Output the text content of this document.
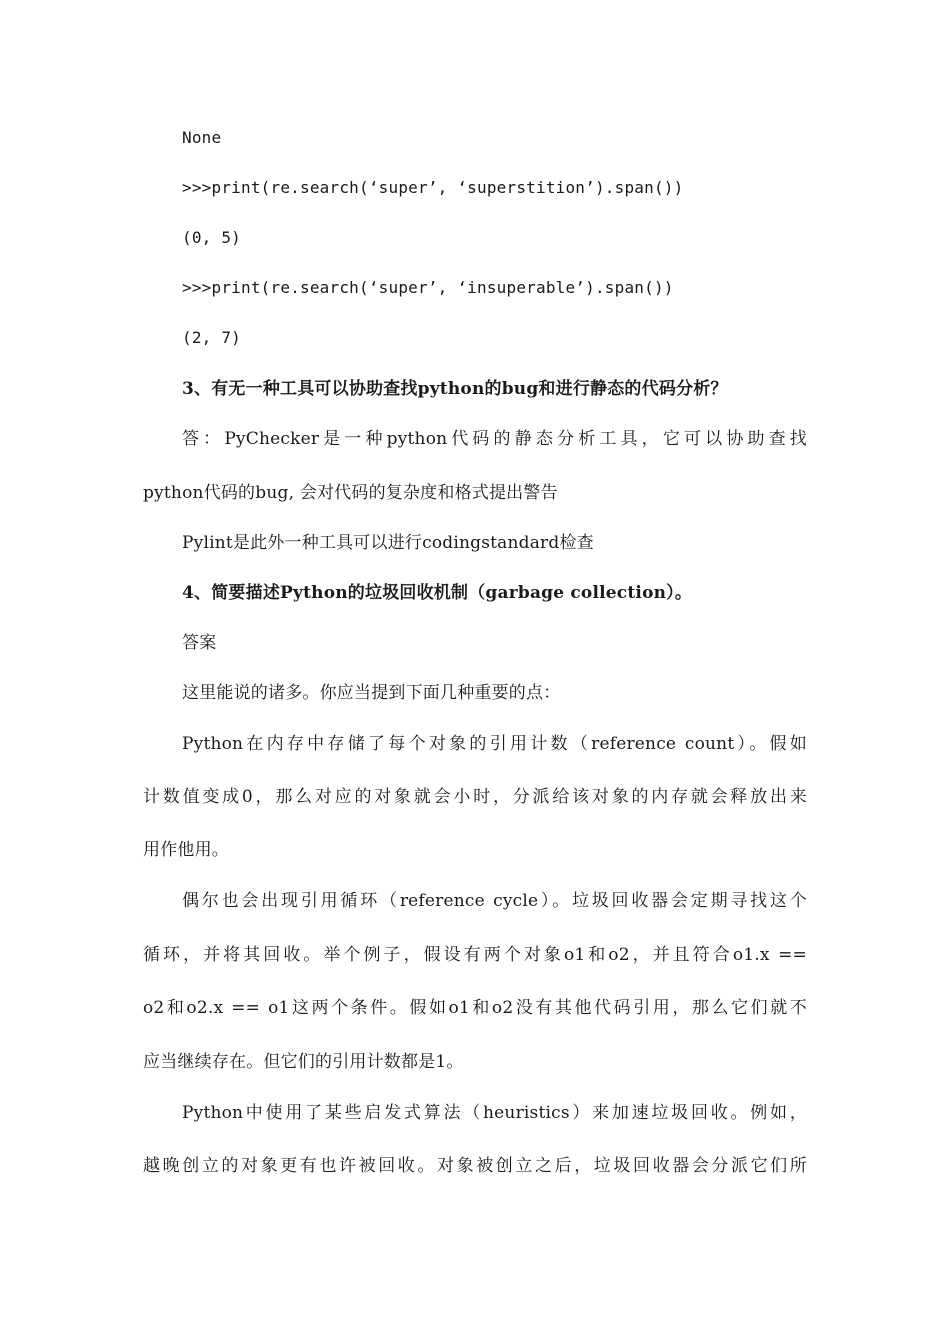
None
>>>print(re.search(‘super’, ‘superstition’).span())
(0, 5)
>>>print(re.search(‘super’, ‘insuperable’).span())
(2, 7)
3、有无一种工具可以协助查找python的bug和进行静态的代码分析？
答：PyChecker是一种python代码的静态分析工具，它可以协助查找
python代码的bug, 会对代码的复杂度和格式提出警告
Pylint是此外一种工具可以进行codingstandard检查
4、简要描述Python的垃圾回收机制（garbage collection）。
答案
这里能说的诸多。你应当提到下面几种重要的点：
Python在内存中存储了每个对象的引用计数（reference count）。假如
计数值变成0，那么对应的对象就会小时，分派给该对象的内存就会释放出来
用作他用。
偶尔也会出现引用循环（reference cycle）。垃圾回收器会定期寻找这个
循环，并将其回收。举个例子，假设有两个对象o1和o2，并且符合o1.x ==
o2和o2.x == o1这两个条件。假如o1和o2没有其他代码引用，那么它们就不
应当继续存在。但它们的引用计数都是1。
Python中使用了某些启发式算法（heuristics）来加速垃圾回收。例如，
越晚创立的对象更有也许被回收。对象被创立之后，垃圾回收器会分派它们所
